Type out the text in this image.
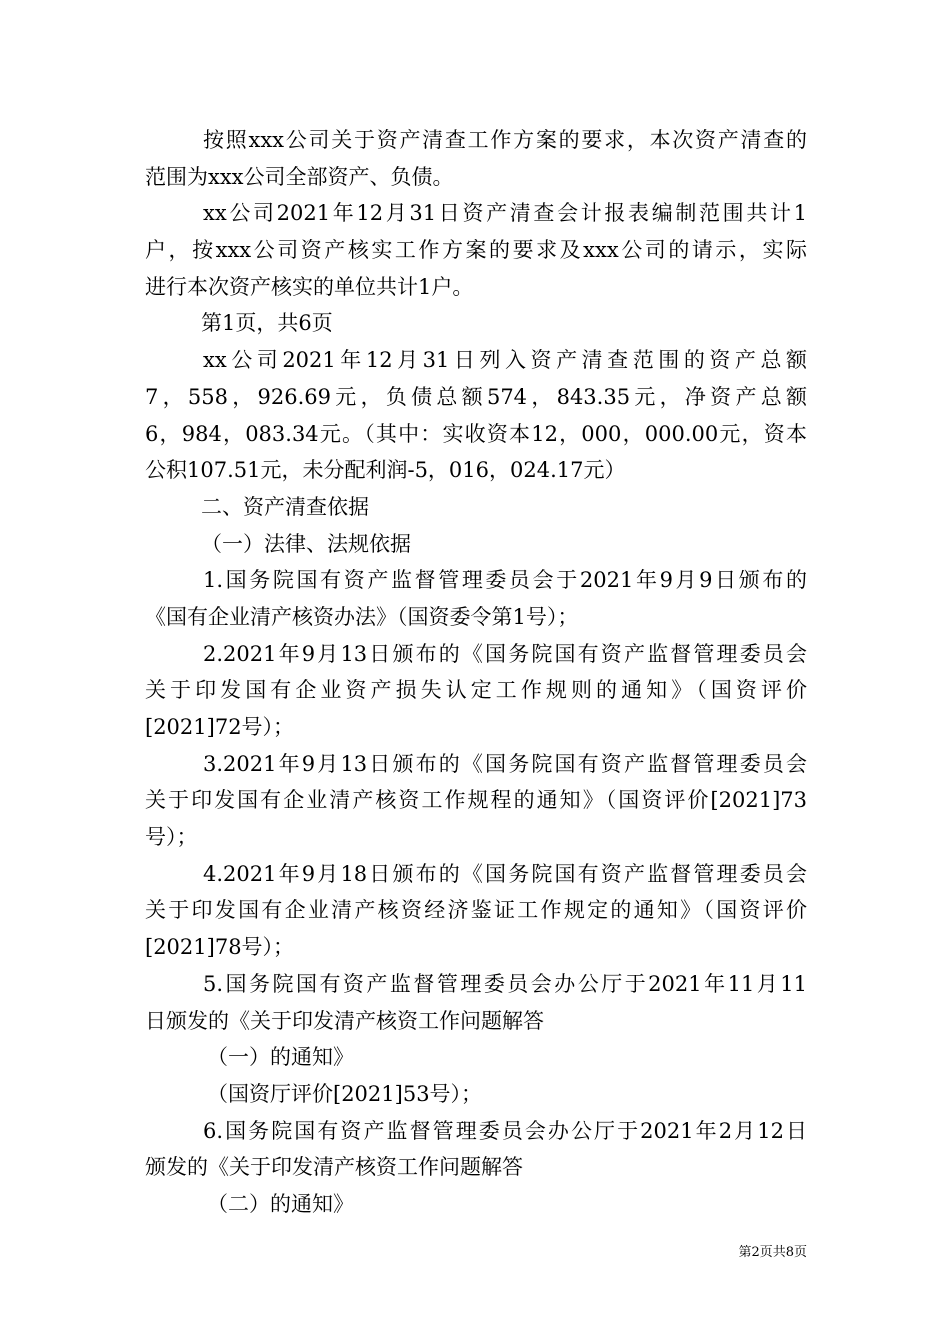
按照xxx公司关于资产清查工作方案的要求，本次资产清查的
范围为xxx公司全部资产、负债。
xx公司2021年12月31日资产清查会计报表编制范围共计1
户，按xxx公司资产核实工作方案的要求及xxx公司的请示，实际
进行本次资产核实的单位共计1户。
第1页，共6页
xx公司2021年12月31日列入资产清查范围的资产总额
7，558，926.69元，负债总额574，843.35元，净资产总额
6，984，083.34元。（其中：实收资本12，000，000.00元，资本
公积107.51元，未分配利润-5，016，024.17元）
二、资产清查依据
（一）法律、法规依据
1.国务院国有资产监督管理委员会于2021年9月9日颁布的
《国有企业清产核资办法》（国资委令第1号）；
2.2021年9月13日颁布的《国务院国有资产监督管理委员会
关于印发国有企业资产损失认定工作规则的通知》（国资评价
[2021]72号）；
3.2021年9月13日颁布的《国务院国有资产监督管理委员会
关于印发国有企业清产核资工作规程的通知》（国资评价[2021]73
号）；
4.2021年9月18日颁布的《国务院国有资产监督管理委员会
关于印发国有企业清产核资经济鉴证工作规定的通知》（国资评价
[2021]78号）；
5.国务院国有资产监督管理委员会办公厅于2021年11月11
日颁发的《关于印发清产核资工作问题解答
（一）的通知》
（国资厅评价[2021]53号）；
6.国务院国有资产监督管理委员会办公厅于2021年2月12日
颁发的《关于印发清产核资工作问题解答
（二）的通知》
第2页共8页
